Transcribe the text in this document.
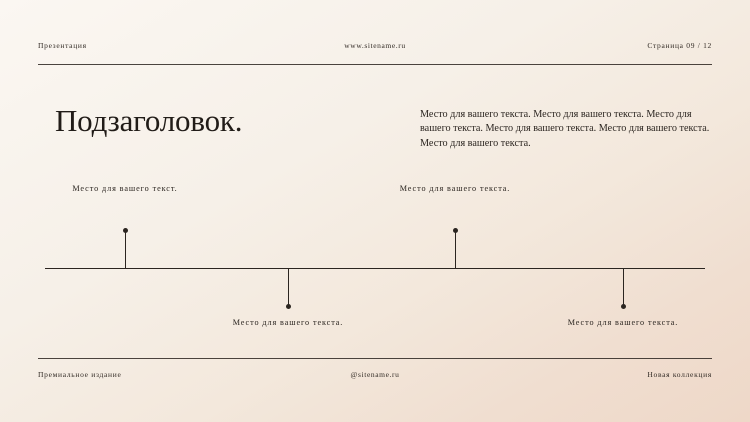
Презентация	www.sitename.ru	Страница 09 / 12
Подзаголовок.	Место для вашего текста. Место для вашего текста. Место для вашего текста. Место для вашего текста. Место для вашего текста. Место для вашего текста.
Место для вашего текст.
Место для вашего текста.
Место для вашего текста.
Место для вашего текста.
Премиальное издание	@sitename.ru	Новая коллекция
